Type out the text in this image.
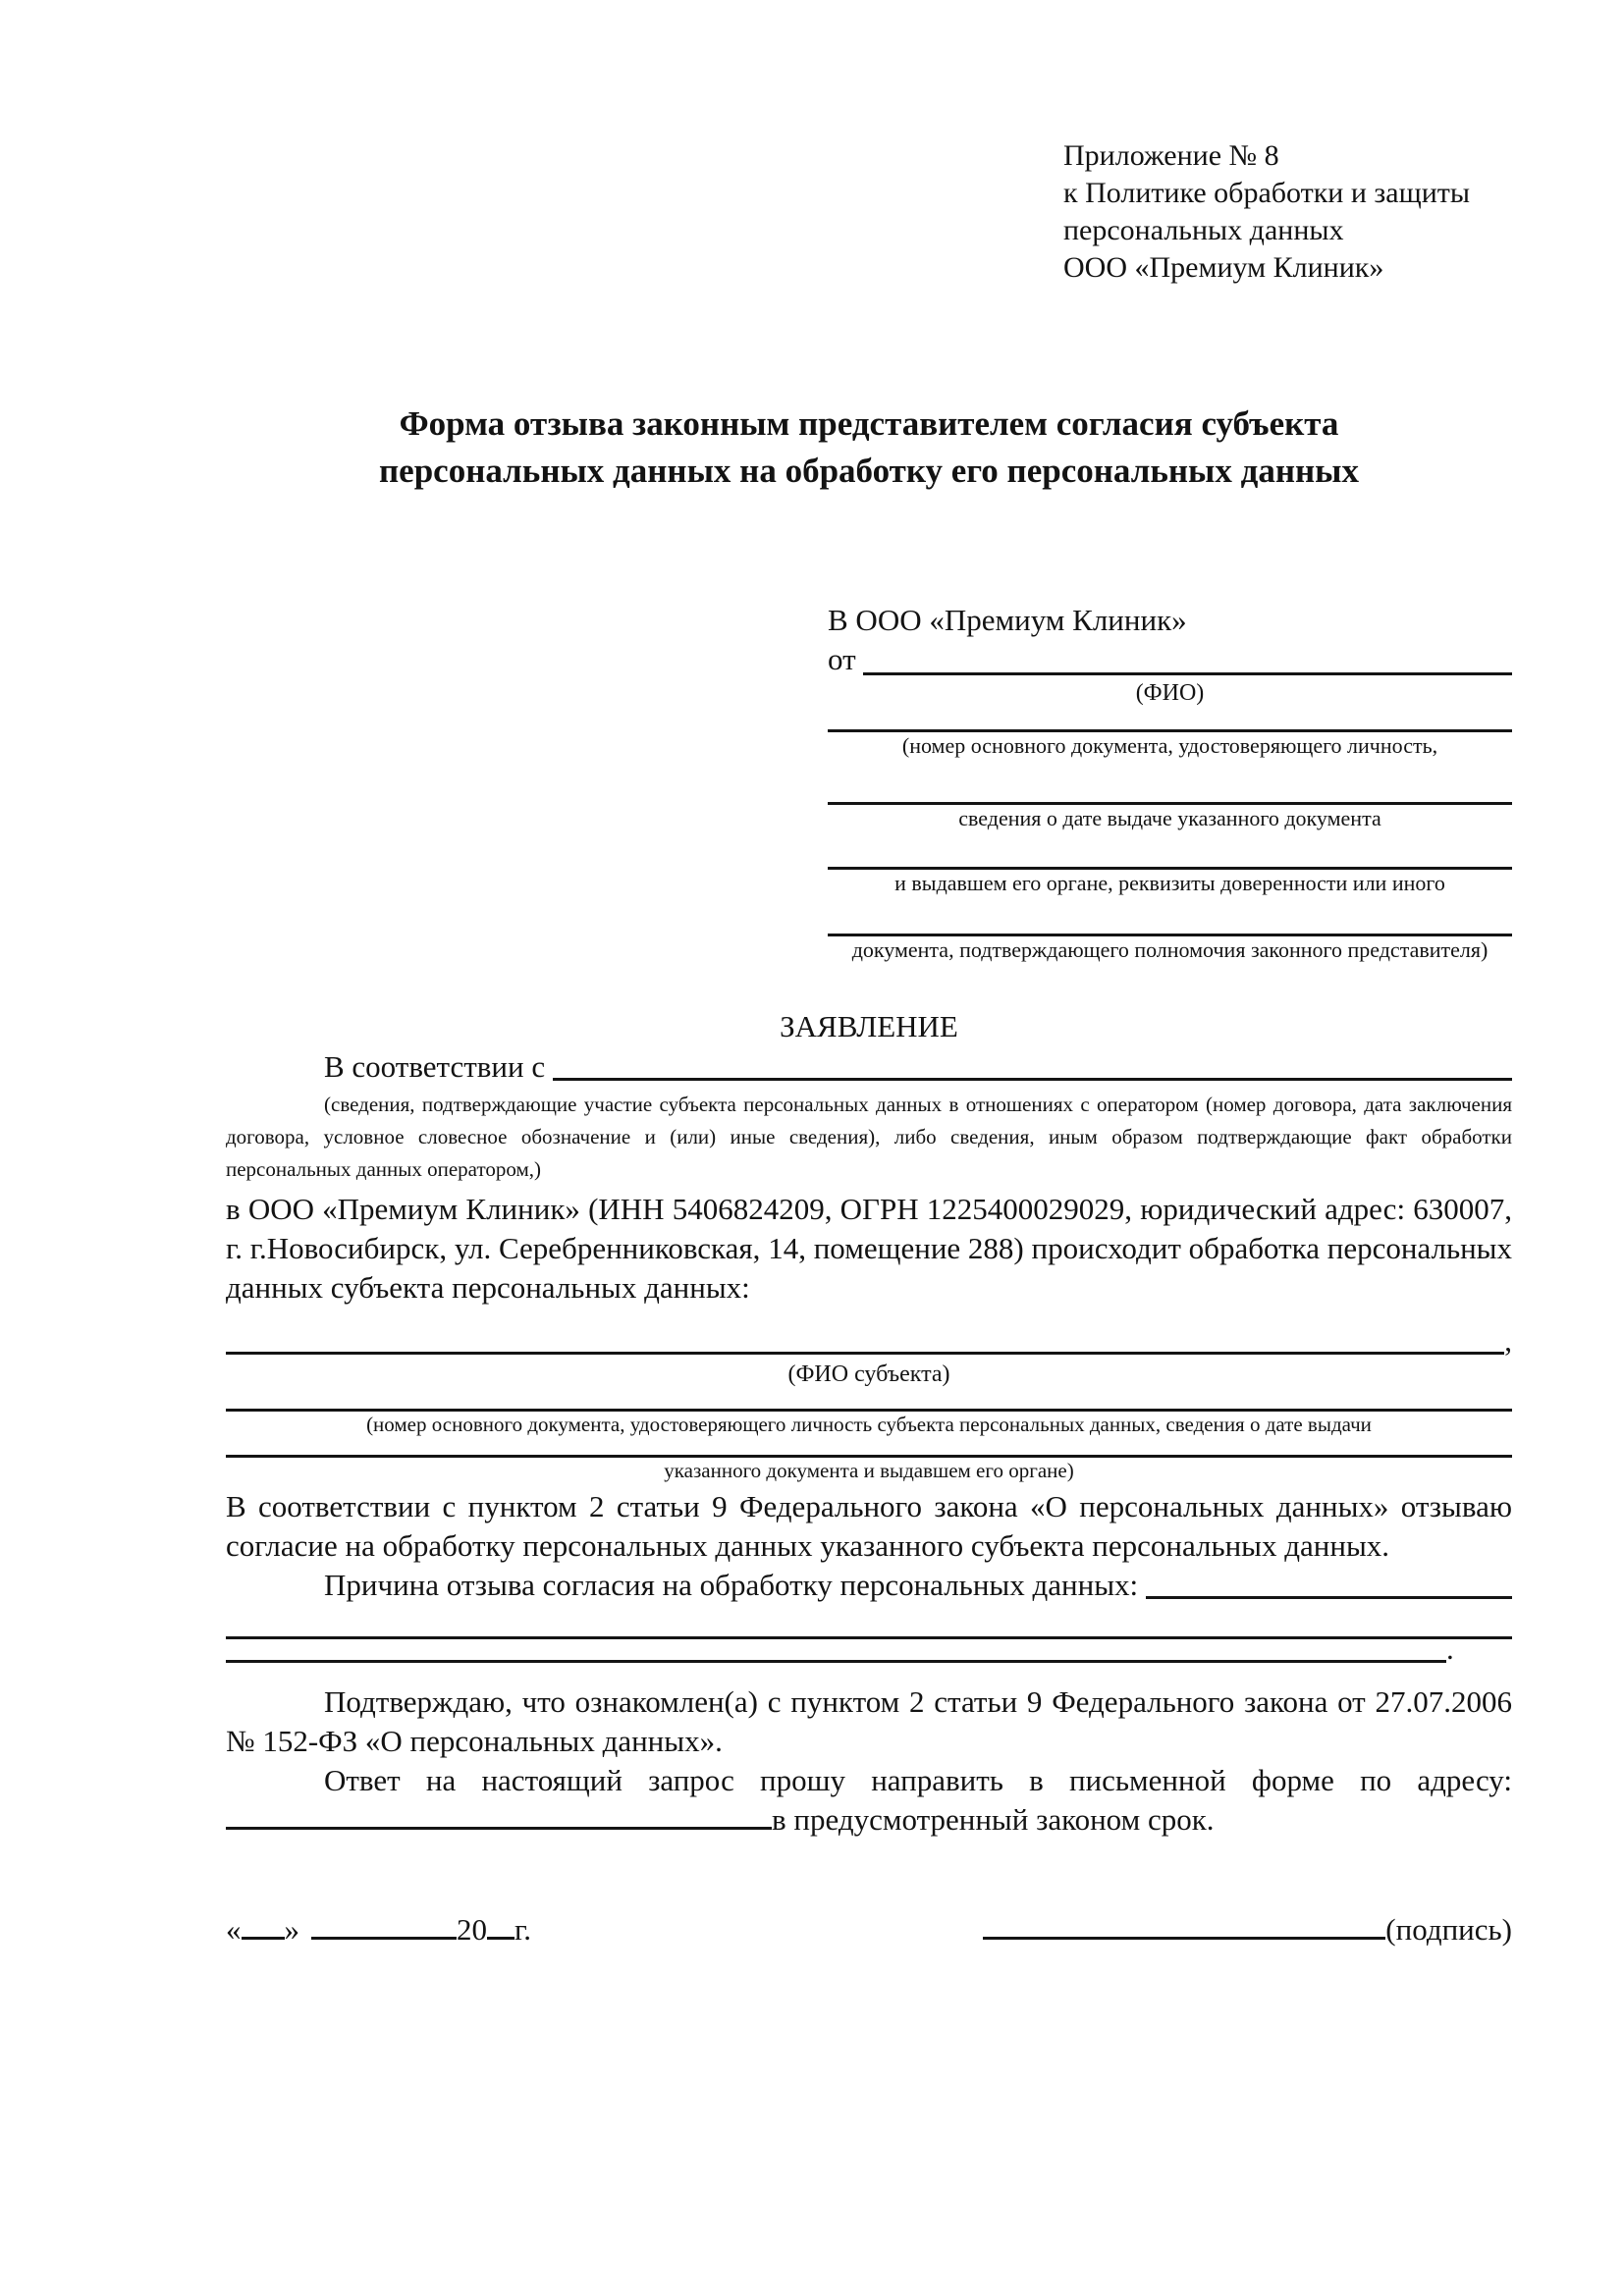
Приложение № 8
к Политике обработки и защиты
персональных данных
ООО «Премиум Клиник»
Форма отзыва законным представителем согласия субъекта персональных данных на обработку его персональных данных
В ООО «Премиум Клиник»
от
(ФИО)
(номер основного документа, удостоверяющего личность,
сведения о дате выдаче указанного документа
и выдавшем его органе, реквизиты доверенности или иного
документа, подтверждающего полномочия законного представителя)
ЗАЯВЛЕНИЕ
В соответствии с
(сведения, подтверждающие участие субъекта персональных данных в отношениях с оператором (номер договора, дата заключения договора, условное словесное обозначение и (или) иные сведения), либо сведения, иным образом подтверждающие факт обработки персональных данных оператором,)

в ООО «Премиум Клиник» (ИНН 5406824209, ОГРН 1225400029029, юридический адрес: 630007, г. г.Новосибирск, ул. Серебренниковская, 14, помещение 288) происходит обработка персональных данных субъекта персональных данных:

,
(ФИО субъекта)
(номер основного документа, удостоверяющего личность субъекта персональных данных, сведения о дате выдачи
указанного документа и выдавшем его органе)

В соответствии с пунктом 2 статьи 9 Федерального закона «О персональных данных» отзываю согласие на обработку персональных данных указанного субъекта персональных данных.

Причина отзыва согласия на обработку персональных данных:
.

Подтверждаю, что ознакомлен(а) с пунктом 2 статьи 9 Федерального закона от 27.07.2006 № 152-ФЗ «О персональных данных».

Ответ на настоящий запрос прошу направить в письменной форме по адресу: в предусмотренный законом срок.

« »	20 г.	(подпись)
